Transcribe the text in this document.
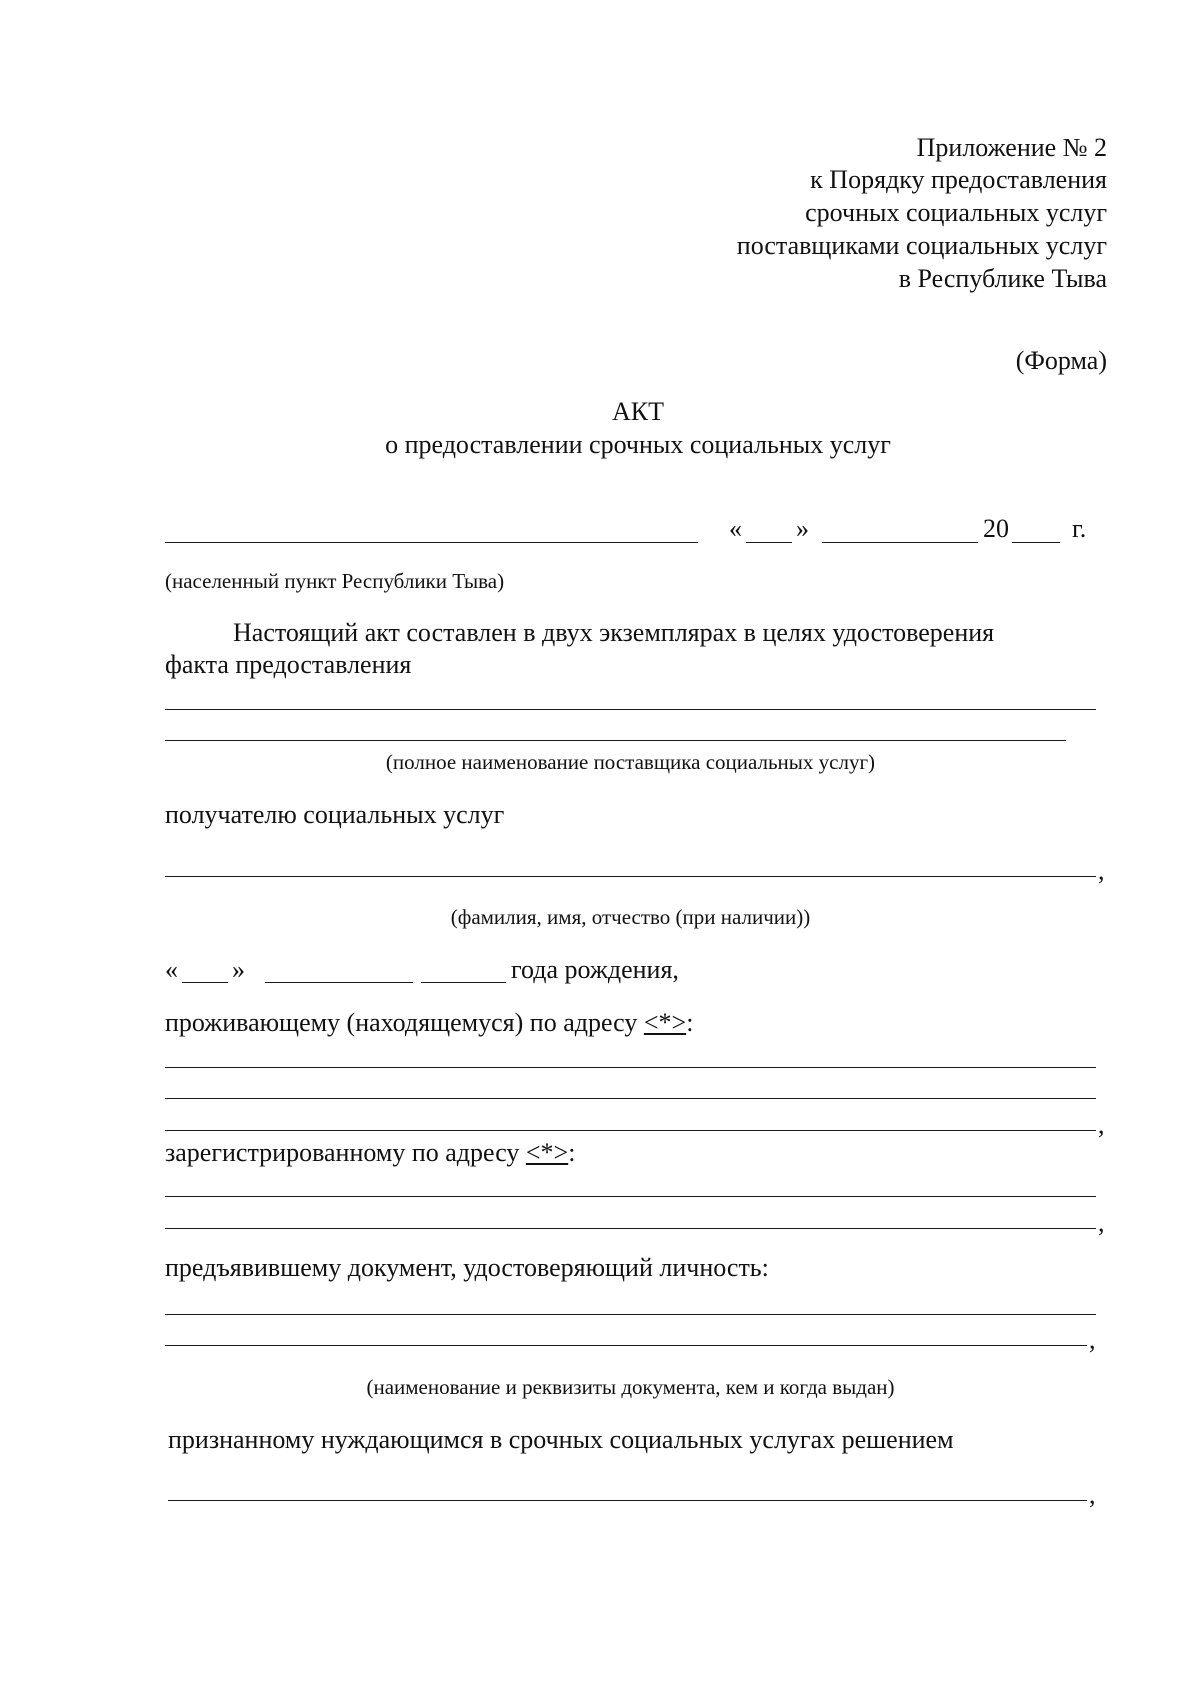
Приложение № 2
к Порядку предоставления
срочных социальных услуг
поставщиками социальных услуг
в Республике Тыва
(Форма)
АКТ
о предоставлении срочных социальных услуг
« »	20 г.
(населенный пункт Республики Тыва)
Настоящий акт составлен в двух экземплярах в целях удостоверения
факта предоставления
(полное наименование поставщика социальных услуг)
получателю социальных услуг
,
(фамилия, имя, отчество (при наличии))
« »	года рождения,
проживающему (находящемуся) по адресу <*>:
,
зарегистрированному по адресу <*>:
,
предъявившему документ, удостоверяющий личность:
,
(наименование и реквизиты документа, кем и когда выдан)
признанному нуждающимся в срочных социальных услугах решением
,
